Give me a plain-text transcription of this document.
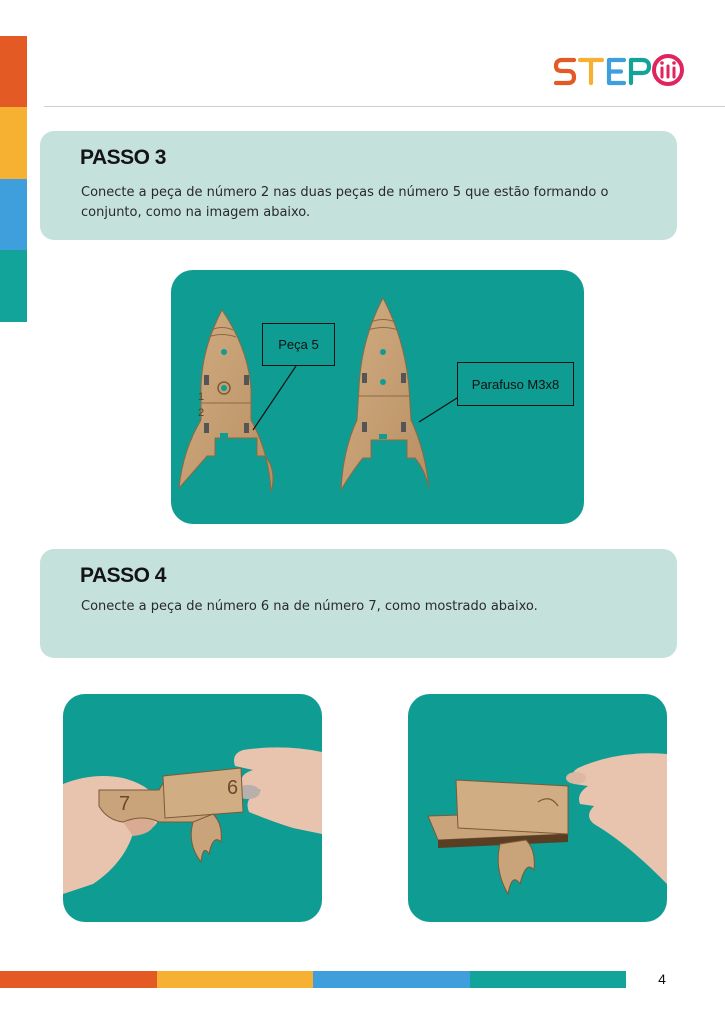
PASSO 3
Conecte a peça de número 2 nas duas peças de número 5 que estão formando o conjunto, como na imagem abaixo.
1
2
Peça 5
Parafuso M3x8
PASSO 4
Conecte a peça de número 6 na de número 7, como mostrado abaixo.
7
6
4
